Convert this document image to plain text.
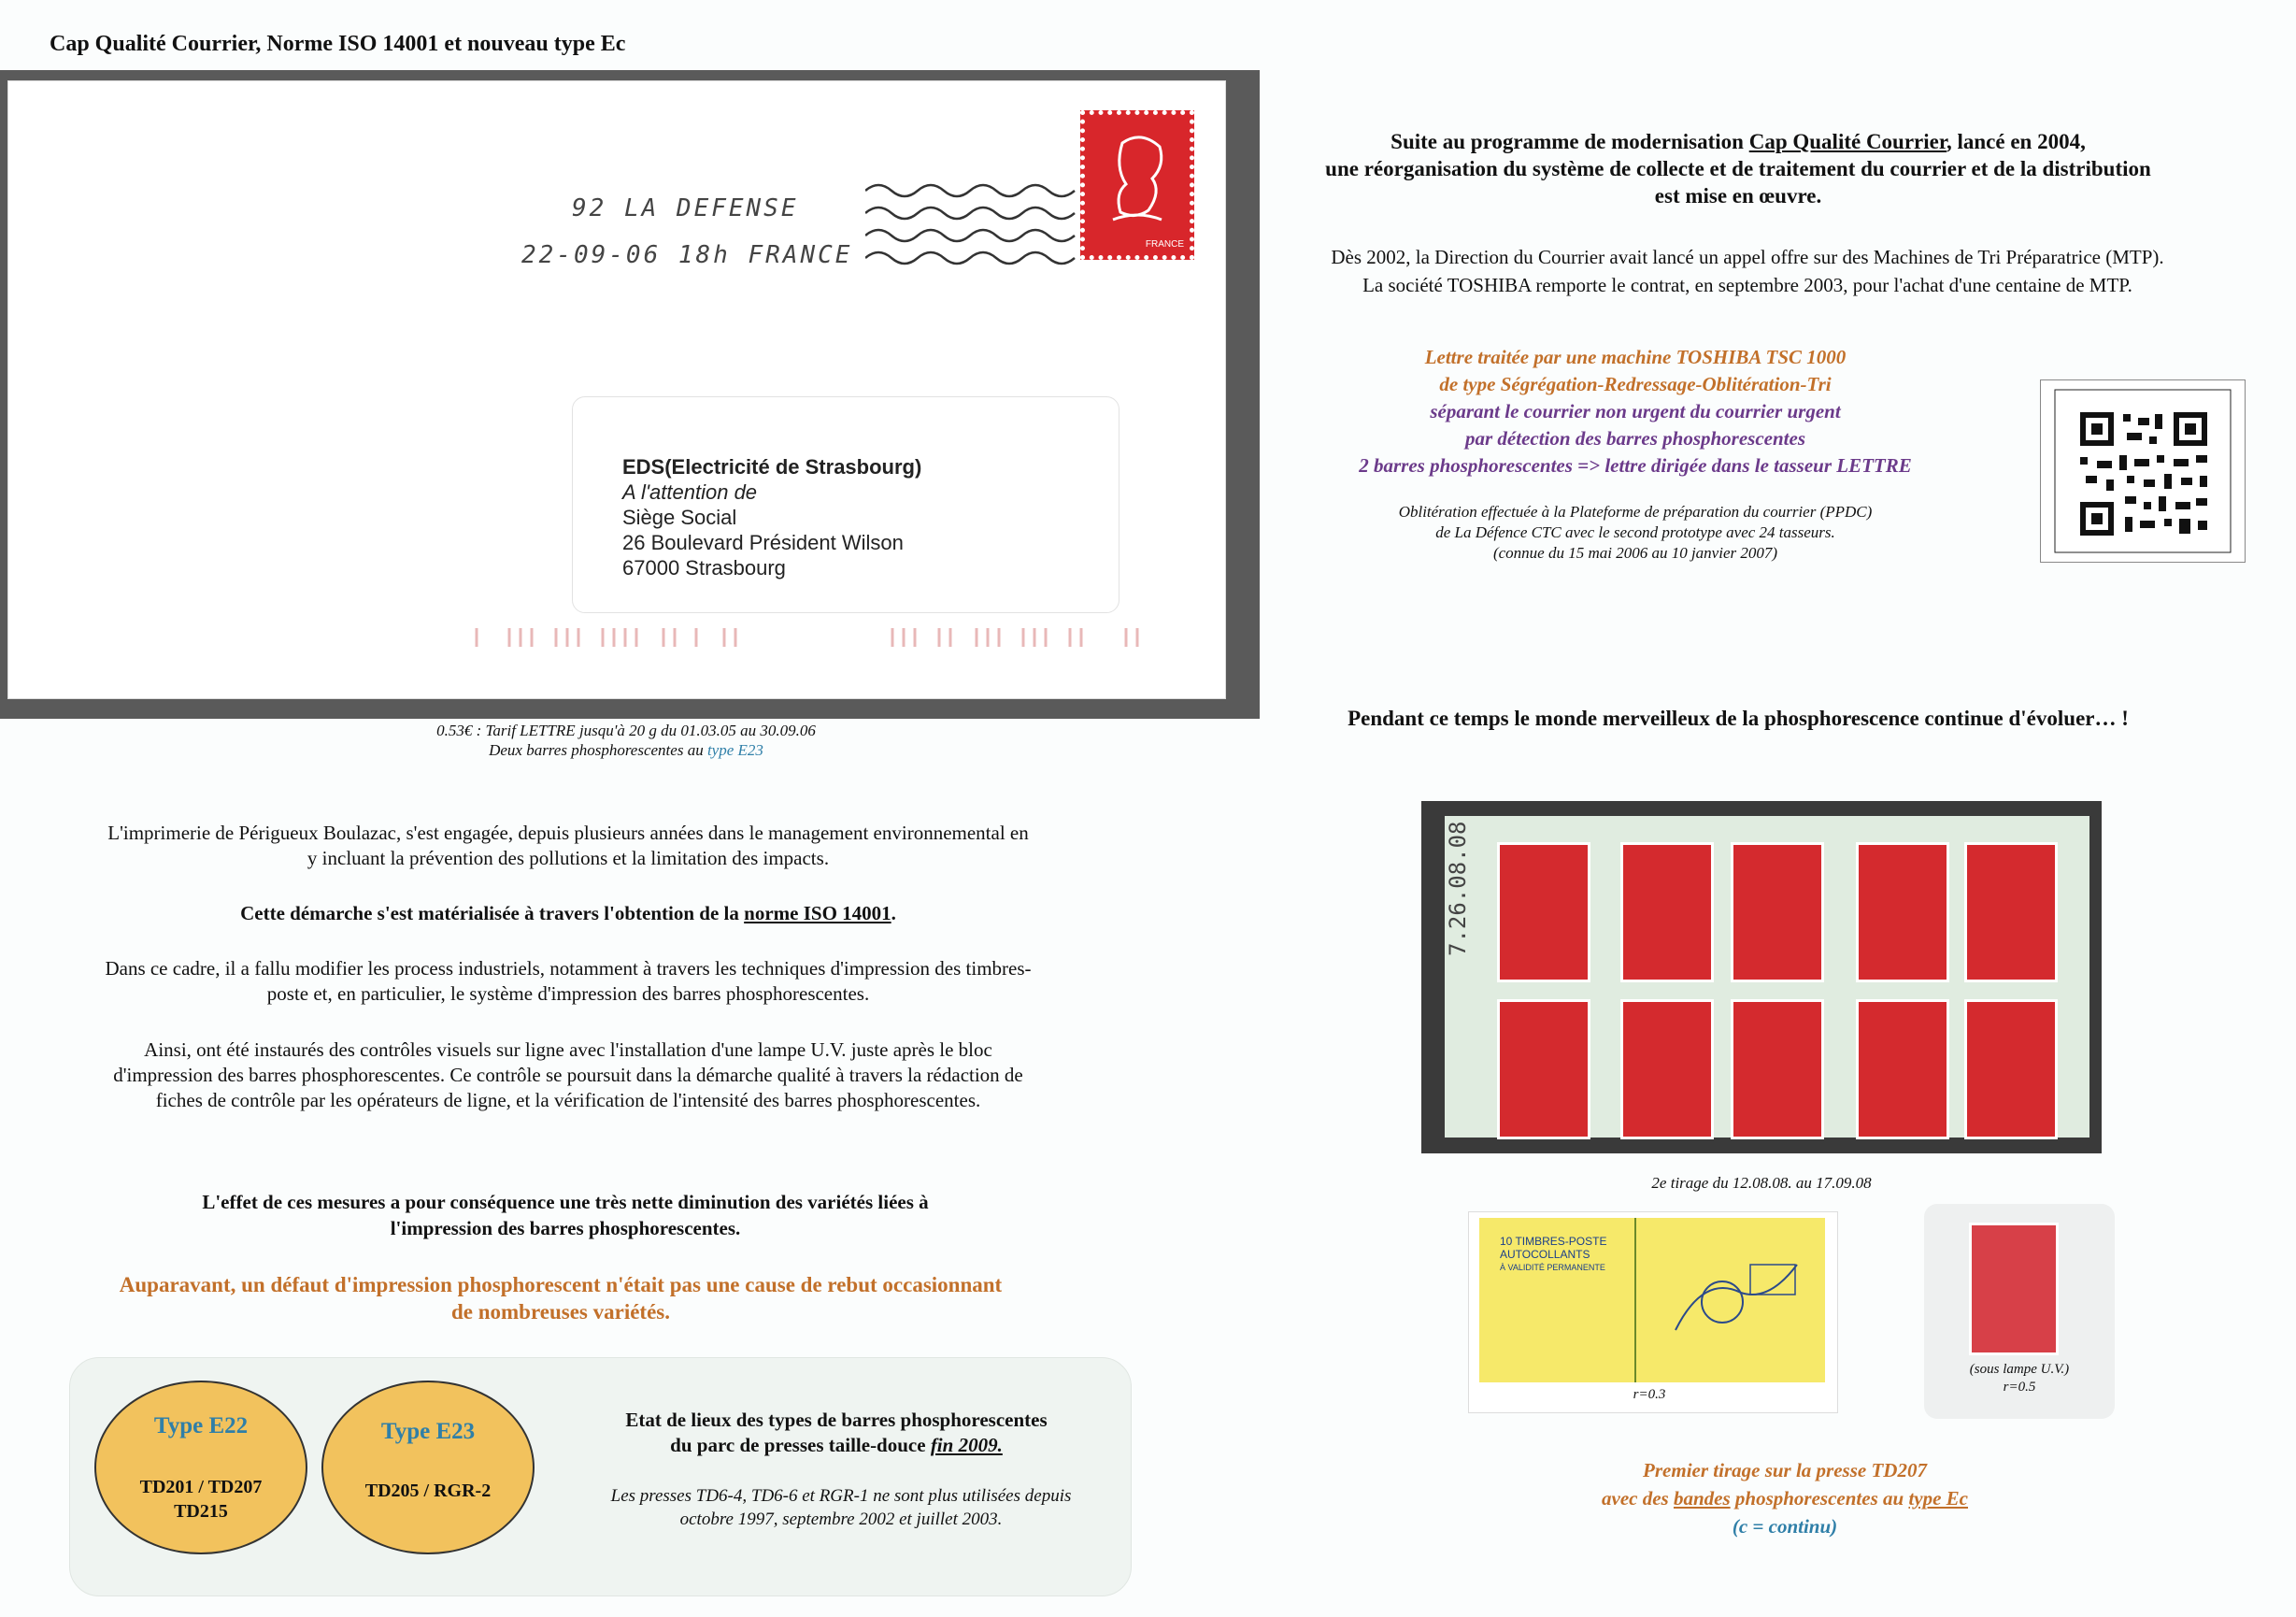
Cap Qualité Courrier, Norme ISO 14001 et nouveau type Ec
92 LA DEFENSE
22-09-06 18h FRANCE	FRANCE
EDS(Electricité de Strasbourg)
A l'attention de
Siège Social
26 Boulevard Président Wilson
67000 Strasbourg
0.53€ : Tarif LETTRE jusqu'à 20 g du 01.03.05 au 30.09.06
Deux barres phosphorescentes au type E23
L'imprimerie de Périgueux Boulazac, s'est engagée, depuis plusieurs années dans le management environnemental en y incluant la prévention des pollutions et la limitation des impacts.
Cette démarche s'est matérialisée à travers l'obtention de la norme ISO 14001.
Dans ce cadre, il a fallu modifier les process industriels, notamment à travers les techniques d'impression des timbres-poste et, en particulier, le système d'impression des barres phosphorescentes.
Ainsi, ont été instaurés des contrôles visuels sur ligne avec l'installation d'une lampe U.V. juste après le bloc d'impression des barres phosphorescentes. Ce contrôle se poursuit dans la démarche qualité à travers la rédaction de fiches de contrôle par les opérateurs de ligne, et la vérification de l'intensité des barres phosphorescentes.
L'effet de ces mesures a pour conséquence une très nette diminution des variétés liées à l'impression des barres phosphorescentes.
Auparavant, un défaut d'impression phosphorescent n'était pas une cause de rebut occasionnant de nombreuses variétés.
Type E22
TD201 / TD207
TD215
Type E23
TD205 / RGR-2
Etat de lieux des types de barres phosphorescentes
du parc de presses taille-douce fin 2009.
Les presses TD6-4, TD6-6 et RGR-1 ne sont plus utilisées depuis octobre 1997, septembre 2002 et juillet 2003.
Suite au programme de modernisation Cap Qualité Courrier, lancé en 2004,
une réorganisation du système de collecte et de traitement du courrier et de la distribution
est mise en œuvre.
Dès 2002, la Direction du Courrier avait lancé un appel offre sur des Machines de Tri Préparatrice (MTP).
La société TOSHIBA remporte le contrat, en septembre 2003, pour l'achat d'une centaine de MTP.
Lettre traitée par une machine TOSHIBA TSC 1000
de type Ségrégation-Redressage-Oblitération-Tri
séparant le courrier non urgent du courrier urgent
par détection des barres phosphorescentes
2 barres phosphorescentes => lettre dirigée dans le tasseur LETTRE
Oblitération effectuée à la Plateforme de préparation du courrier (PPDC)
de La Défence CTC avec le second prototype avec 24 tasseurs.
(connue du 15 mai 2006 au 10 janvier 2007)
Pendant ce temps le monde merveilleux de la phosphorescence continue d'évoluer… !
7.26.08.08
2e tirage du 12.08.08. au 17.09.08
10 TIMBRES-POSTE AUTOCOLLANTS
À VALIDITÉ PERMANENTE
r=0.3
(sous lampe U.V.)
r=0.5
Premier tirage sur la presse TD207
avec des bandes phosphorescentes au type Ec
(c = continu)
